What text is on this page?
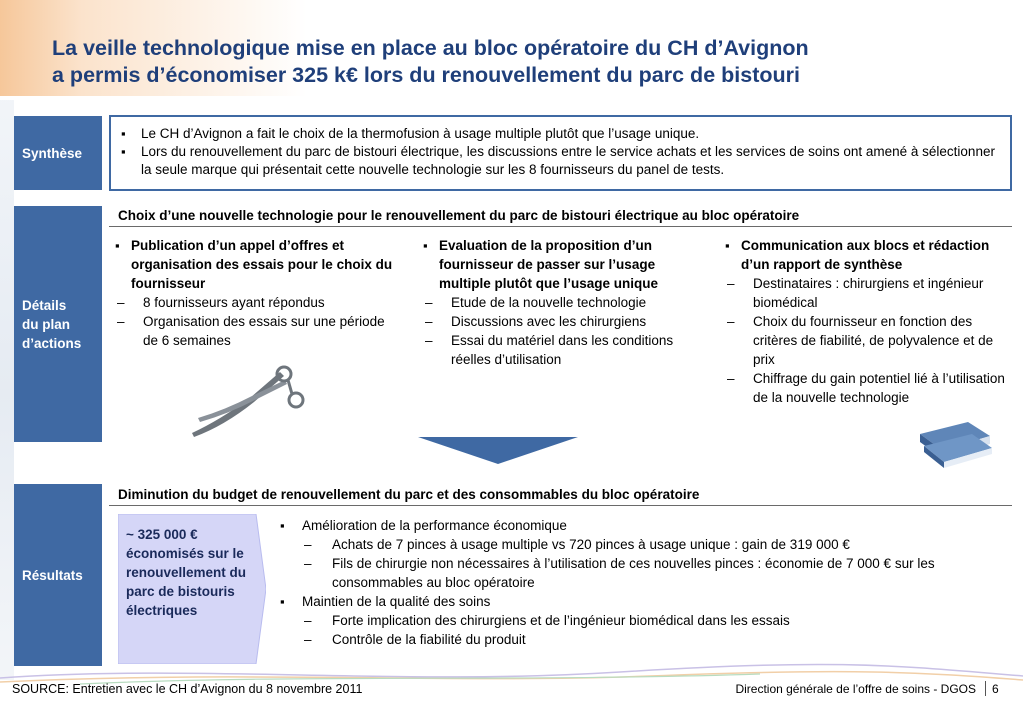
La veille technologique mise en place au bloc opératoire du CH d’Avignon
a permis d’économiser 325 k€ lors du renouvellement du parc de bistouri
Synthèse
▪ Le CH d’Avignon a fait le choix de la thermofusion à usage multiple plutôt que l’usage unique.
▪ Lors du renouvellement du parc de bistouri électrique, les discussions entre le service achats et les services de soins ont amené à sélectionner la seule marque qui présentait cette nouvelle technologie sur les 8 fournisseurs du panel de tests.
Détails
du plan
d’actions
Choix d’une nouvelle technologie pour le renouvellement du parc de bistouri électrique au bloc opératoire
▪ Publication d’un appel d’offres et organisation des essais pour le choix du fournisseur
– 8 fournisseurs ayant répondus
– Organisation des essais sur une période de 6 semaines
▪ Evaluation de la proposition d’un fournisseur de passer sur l’usage multiple plutôt que l’usage unique
– Etude de la nouvelle technologie
– Discussions avec les chirurgiens
– Essai du matériel dans les conditions réelles d’utilisation
▪ Communication aux blocs et rédaction d’un rapport de synthèse
– Destinataires : chirurgiens et ingénieur biomédical
– Choix du fournisseur en fonction des critères de fiabilité, de polyvalence et de prix
– Chiffrage du gain potentiel lié à l’utilisation de la nouvelle technologie
Résultats
Diminution du budget de renouvellement du parc et des consommables du bloc opératoire
~ 325 000 € économisés sur le renouvellement du parc de bistouris électriques
▪ Amélioration de la performance économique
– Achats de 7 pinces à usage multiple vs 720 pinces à usage unique : gain de 319 000 €
– Fils de chirurgie non nécessaires à l’utilisation de ces nouvelles pinces : économie de 7 000 € sur les consommables au bloc opératoire
▪ Maintien de la qualité des soins
– Forte implication des chirurgiens et de l’ingénieur biomédical dans les essais
– Contrôle de la fiabilité du produit
SOURCE: Entretien avec le CH d’Avignon du 8 novembre 2011	Direction générale de l’offre de soins - DGOS 6
